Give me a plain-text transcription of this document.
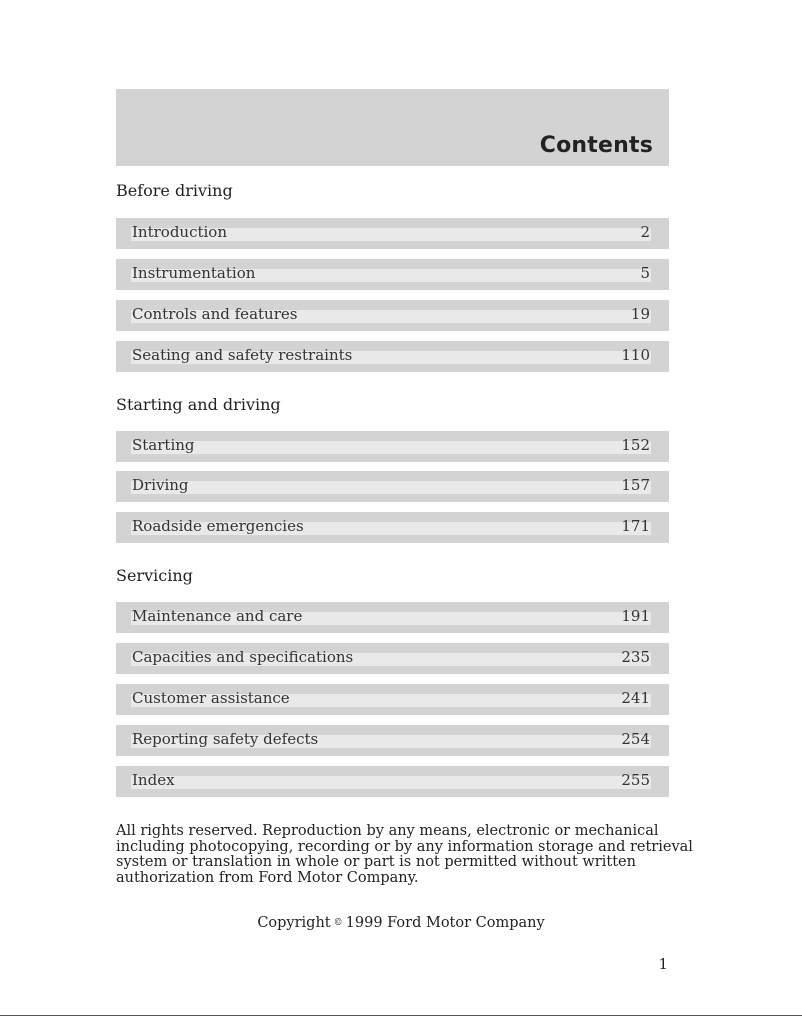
Contents
Before driving
Introduction	2
Instrumentation	5
Controls and features	19
Seating and safety restraints	110
Starting and driving
Starting	152
Driving	157
Roadside emergencies	171
Servicing
Maintenance and care	191
Capacities and specifications	235
Customer assistance	241
Reporting safety defects	254
Index	255
All rights reserved. Reproduction by any means, electronic or mechanical
including photocopying, recording or by any information storage and retrieval
system or translation in whole or part is not permitted without written
authorization from Ford Motor Company.
Copyright © 1999 Ford Motor Company
1
